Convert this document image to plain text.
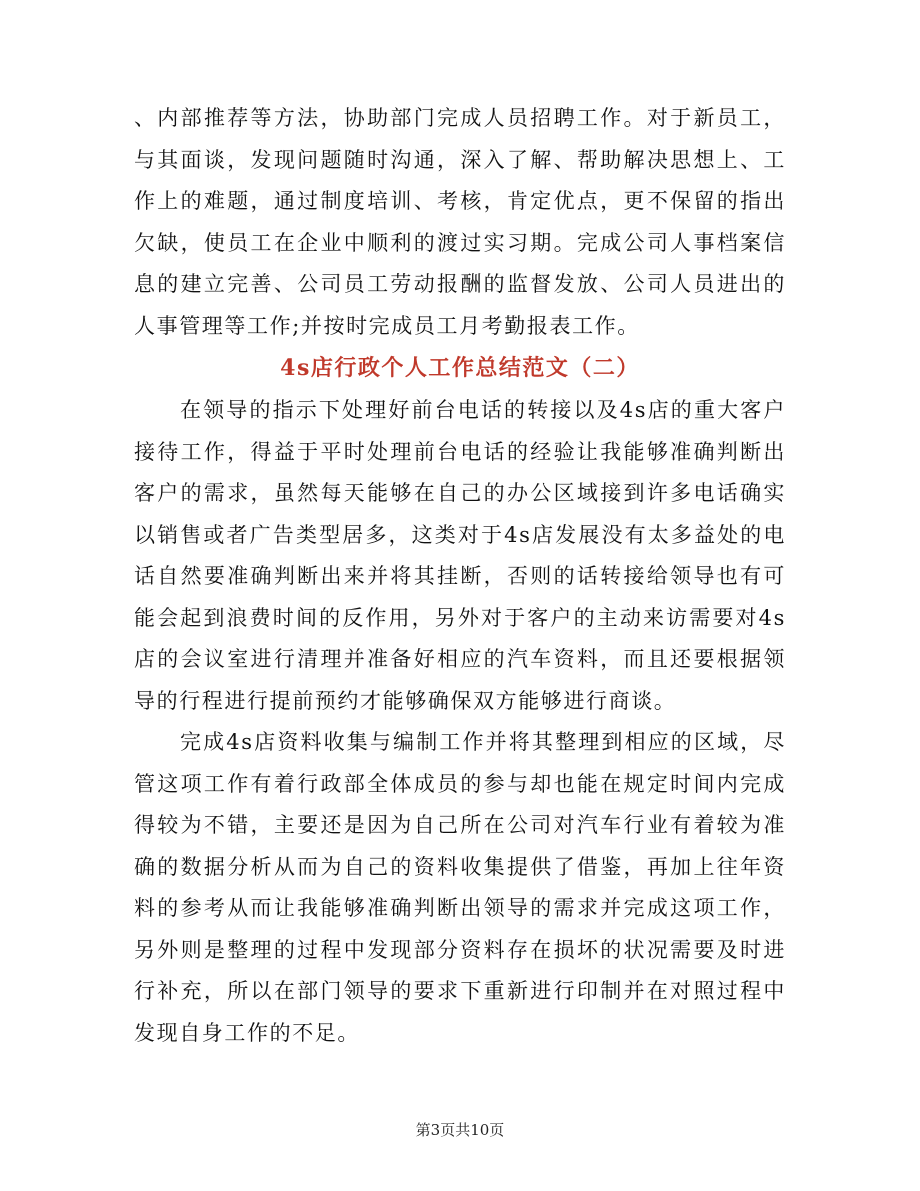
、内部推荐等方法，协助部门完成人员招聘工作。对于新员工，与其面谈，发现问题随时沟通，深入了解、帮助解决思想上、工作上的难题，通过制度培训、考核，肯定优点，更不保留的指出欠缺，使员工在企业中顺利的渡过实习期。完成公司人事档案信息的建立完善、公司员工劳动报酬的监督发放、公司人员进出的人事管理等工作;并按时完成员工月考勤报表工作。

4s店行政个人工作总结范文（二）

在领导的指示下处理好前台电话的转接以及4s店的重大客户接待工作，得益于平时处理前台电话的经验让我能够准确判断出客户的需求，虽然每天能够在自己的办公区域接到许多电话确实以销售或者广告类型居多，这类对于4s店发展没有太多益处的电话自然要准确判断出来并将其挂断，否则的话转接给领导也有可能会起到浪费时间的反作用，另外对于客户的主动来访需要对4s店的会议室进行清理并准备好相应的汽车资料，而且还要根据领导的行程进行提前预约才能够确保双方能够进行商谈。

完成4s店资料收集与编制工作并将其整理到相应的区域，尽管这项工作有着行政部全体成员的参与却也能在规定时间内完成得较为不错，主要还是因为自己所在公司对汽车行业有着较为准确的数据分析从而为自己的资料收集提供了借鉴，再加上往年资料的参考从而让我能够准确判断出领导的需求并完成这项工作，另外则是整理的过程中发现部分资料存在损坏的状况需要及时进行补充，所以在部门领导的要求下重新进行印制并在对照过程中发现自身工作的不足。

第3页共10页
